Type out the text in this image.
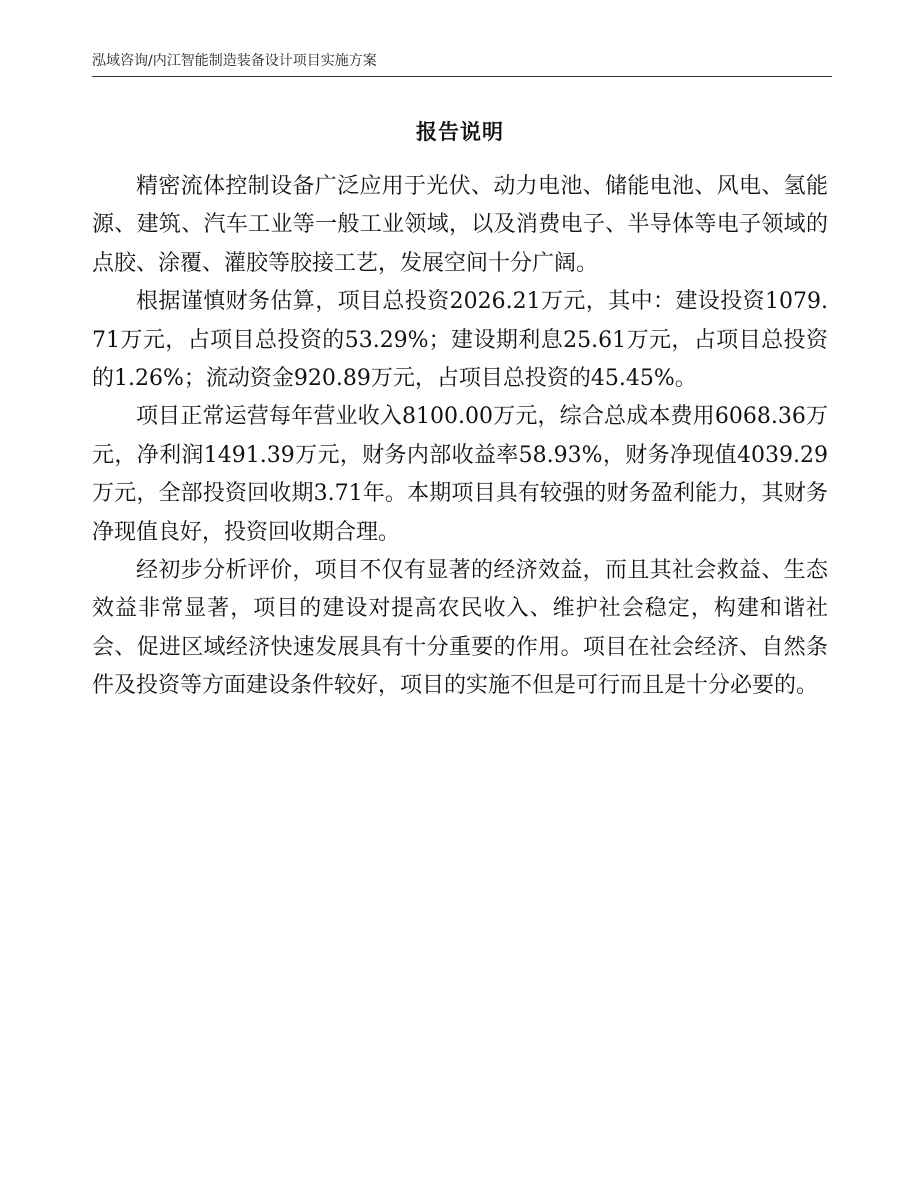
泓域咨询/内江智能制造装备设计项目实施方案
报告说明

精密流体控制设备广泛应用于光伏、动力电池、储能电池、风电、氢能源、建筑、汽车工业等一般工业领域，以及消费电子、半导体等电子领域的点胶、涂覆、灌胶等胶接工艺，发展空间十分广阔。

根据谨慎财务估算，项目总投资2026.21万元，其中：建设投资1079.71万元，占项目总投资的53.29%；建设期利息25.61万元，占项目总投资的1.26%；流动资金920.89万元，占项目总投资的45.45%。

项目正常运营每年营业收入8100.00万元，综合总成本费用6068.36万元，净利润1491.39万元，财务内部收益率58.93%，财务净现值4039.29万元，全部投资回收期3.71年。本期项目具有较强的财务盈利能力，其财务净现值良好，投资回收期合理。

经初步分析评价，项目不仅有显著的经济效益，而且其社会救益、生态效益非常显著，项目的建设对提高农民收入、维护社会稳定，构建和谐社会、促进区域经济快速发展具有十分重要的作用。项目在社会经济、自然条件及投资等方面建设条件较好，项目的实施不但是可行而且是十分必要的。
